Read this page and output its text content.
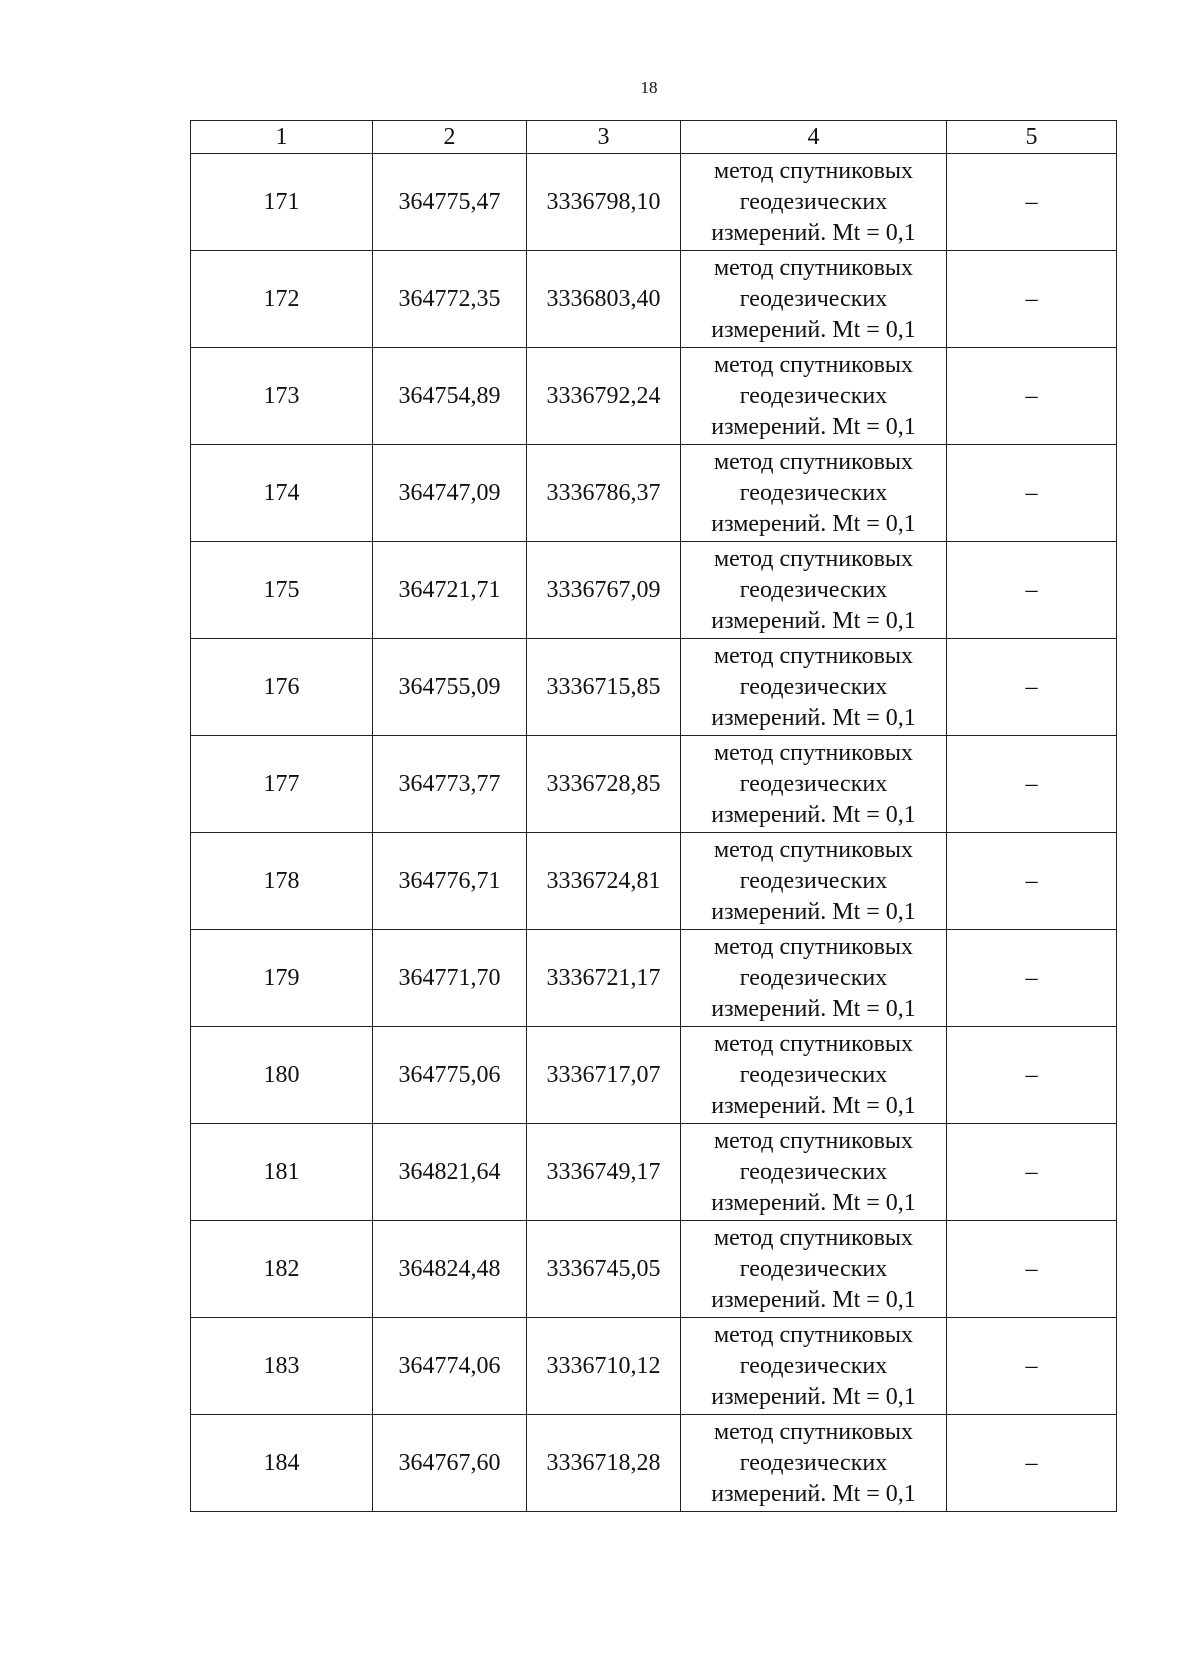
18
1	2	3	4	5
171	364775,47	3336798,10	метод спутниковых
геодезических
измерений. Mt = 0,1	–
172	364772,35	3336803,40	метод спутниковых
геодезических
измерений. Mt = 0,1	–
173	364754,89	3336792,24	метод спутниковых
геодезических
измерений. Mt = 0,1	–
174	364747,09	3336786,37	метод спутниковых
геодезических
измерений. Mt = 0,1	–
175	364721,71	3336767,09	метод спутниковых
геодезических
измерений. Mt = 0,1	–
176	364755,09	3336715,85	метод спутниковых
геодезических
измерений. Mt = 0,1	–
177	364773,77	3336728,85	метод спутниковых
геодезических
измерений. Mt = 0,1	–
178	364776,71	3336724,81	метод спутниковых
геодезических
измерений. Mt = 0,1	–
179	364771,70	3336721,17	метод спутниковых
геодезических
измерений. Mt = 0,1	–
180	364775,06	3336717,07	метод спутниковых
геодезических
измерений. Mt = 0,1	–
181	364821,64	3336749,17	метод спутниковых
геодезических
измерений. Mt = 0,1	–
182	364824,48	3336745,05	метод спутниковых
геодезических
измерений. Mt = 0,1	–
183	364774,06	3336710,12	метод спутниковых
геодезических
измерений. Mt = 0,1	–
184	364767,60	3336718,28	метод спутниковых
геодезических
измерений. Mt = 0,1	–
